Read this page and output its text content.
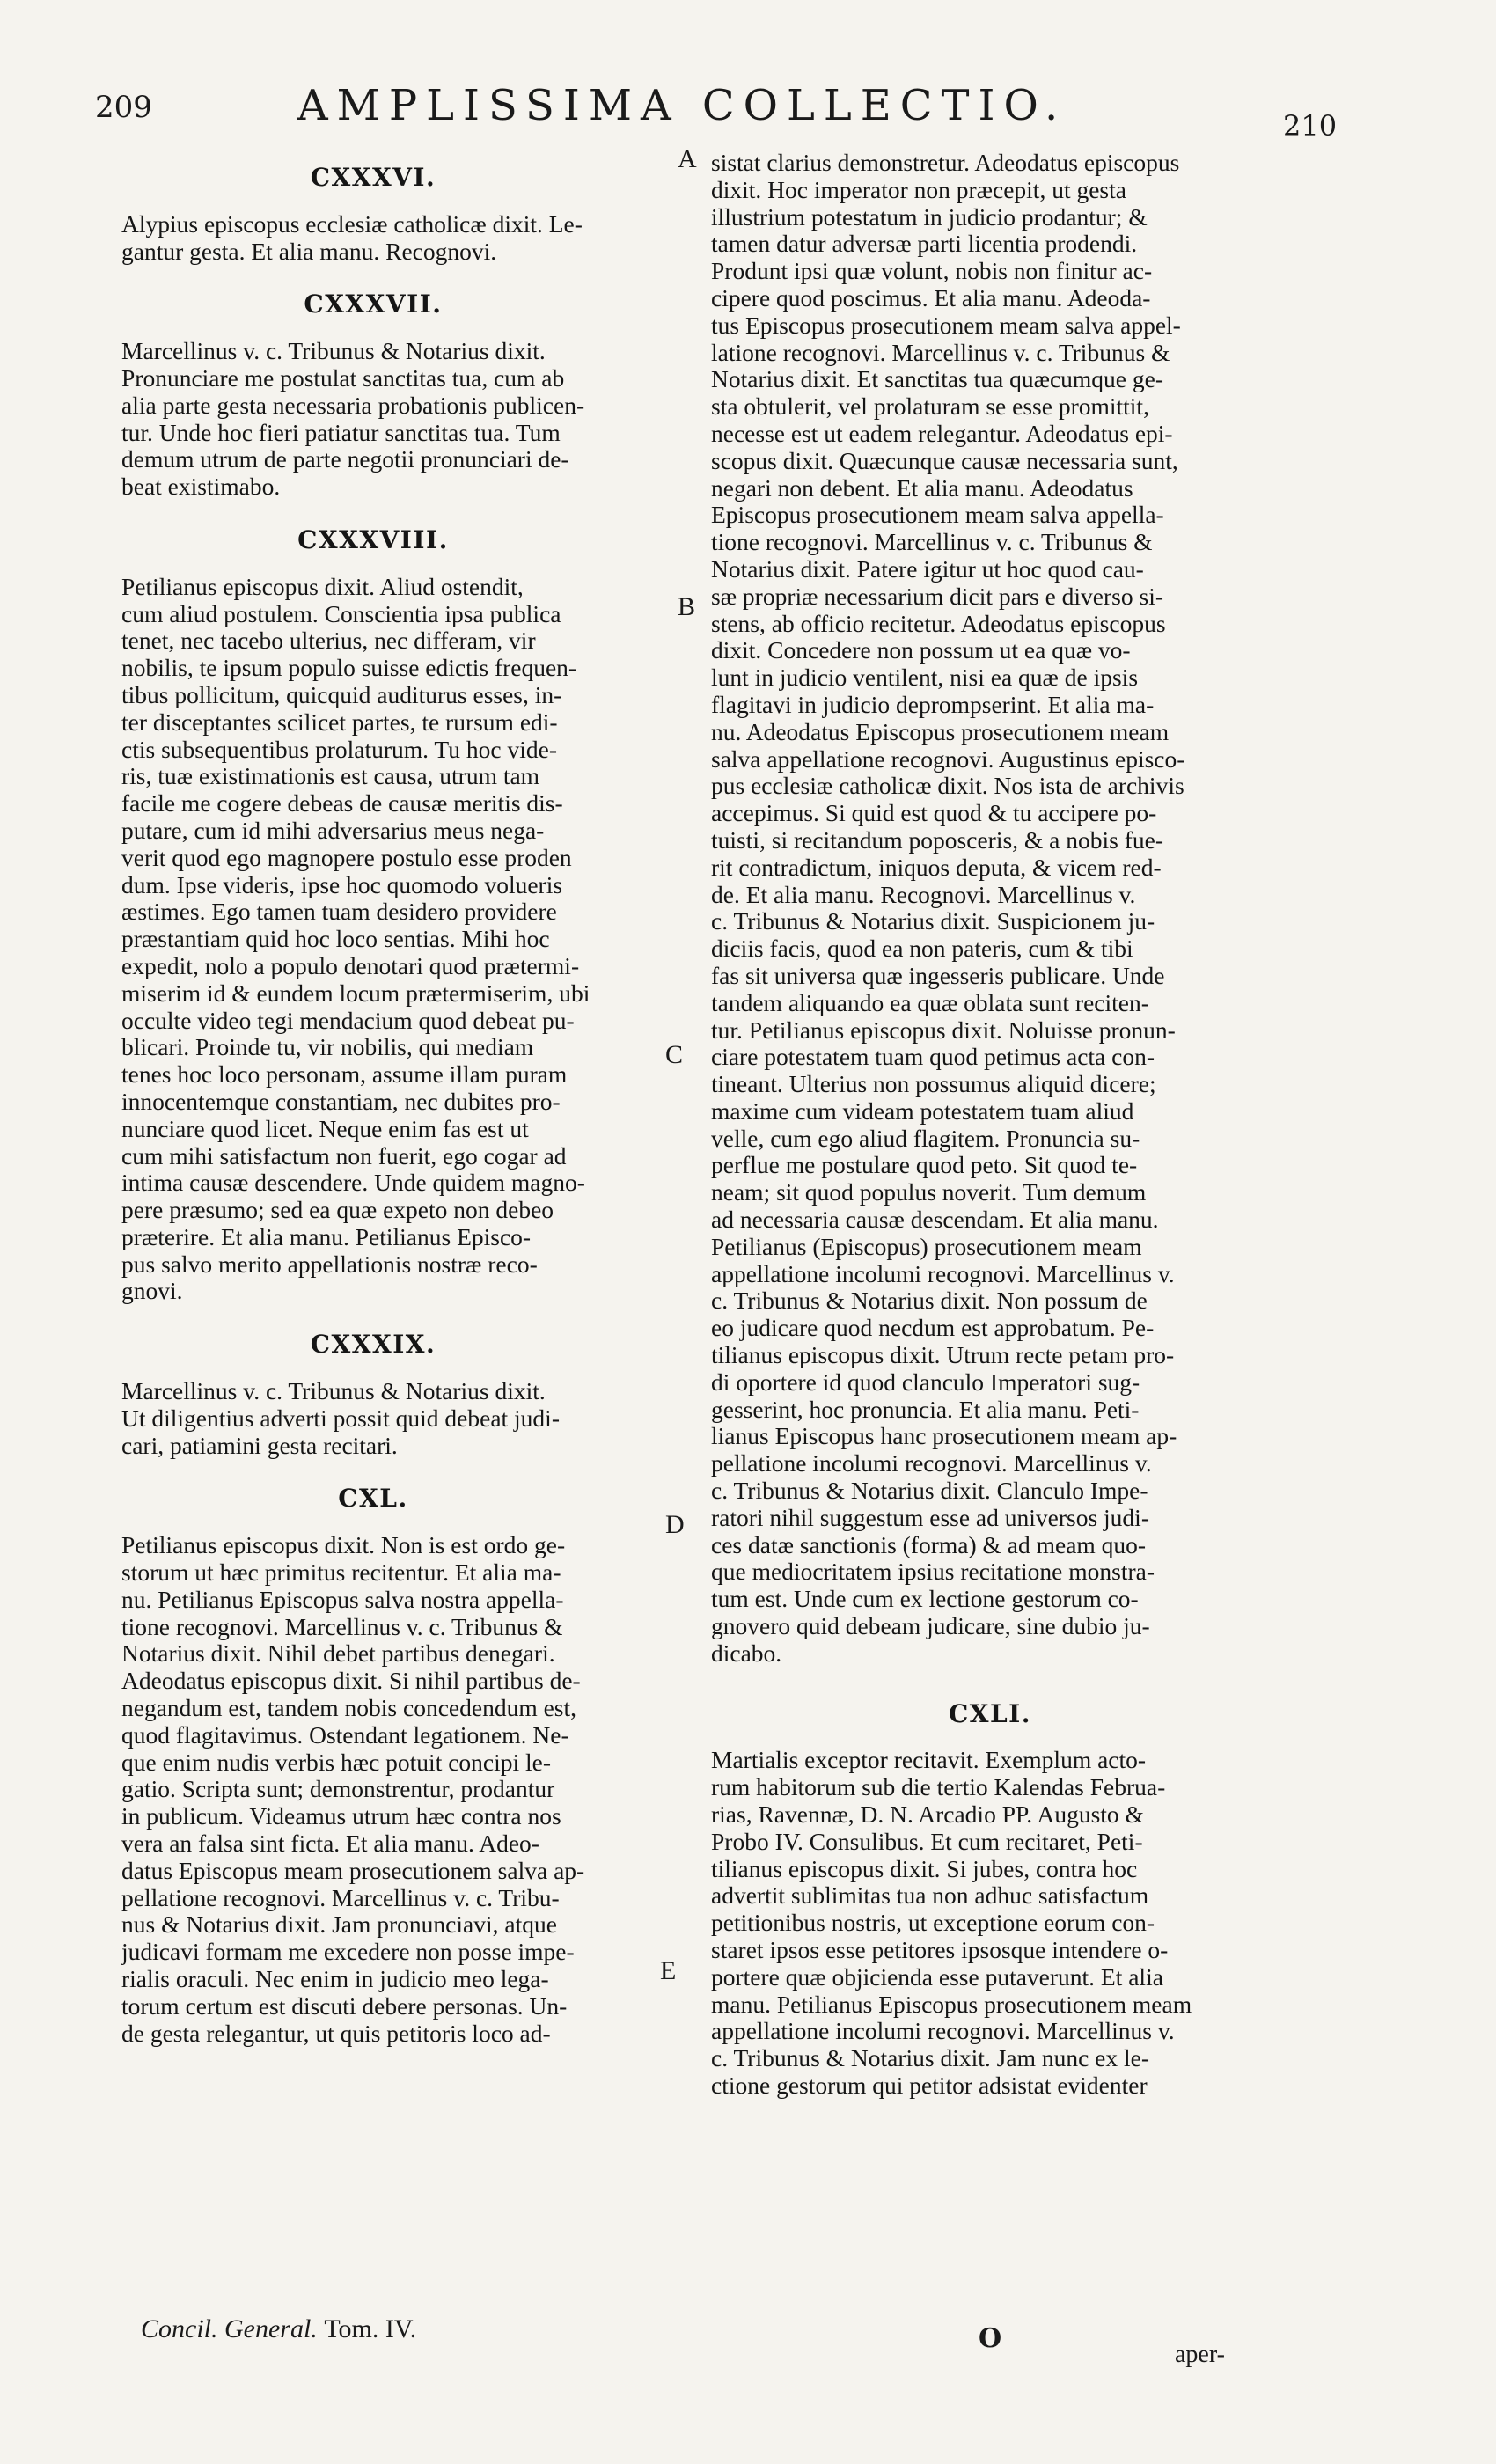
209	AMPLISSIMA COLLECTIO.	210
CXXXVI.
Alypius episcopus ecclesiæ catholicæ dixit. Le-
gantur gesta. Et alia manu. Recognovi.
CXXXVII.
Marcellinus v. c. Tribunus & Notarius dixit.
Pronunciare me postulat sanctitas tua, cum ab
alia parte gesta necessaria probationis publicen-
tur. Unde hoc fieri patiatur sanctitas tua. Tum
demum utrum de parte negotii pronunciari de-
beat existimabo.
CXXXVIII.
Petilianus episcopus dixit. Aliud ostendit,
cum aliud postulem. Conscientia ipsa publica
tenet, nec tacebo ulterius, nec differam, vir
nobilis, te ipsum populo suisse edictis frequen-
tibus pollicitum, quicquid auditurus esses, in-
ter disceptantes scilicet partes, te rursum edi-
ctis subsequentibus prolaturum. Tu hoc vide-
ris, tuæ existimationis est causa, utrum tam
facile me cogere debeas de causæ meritis dis-
putare, cum id mihi adversarius meus nega-
verit quod ego magnopere postulo esse proden
dum. Ipse videris, ipse hoc quomodo volueris
æstimes. Ego tamen tuam desidero providere
præstantiam quid hoc loco sentias. Mihi hoc
expedit, nolo a populo denotari quod prætermi-
miserim id & eundem locum prætermiserim, ubi
occulte video tegi mendacium quod debeat pu-
blicari. Proinde tu, vir nobilis, qui mediam
tenes hoc loco personam, assume illam puram
innocentemque constantiam, nec dubites pro-
nunciare quod licet. Neque enim fas est ut
cum mihi satisfactum non fuerit, ego cogar ad
intima causæ descendere. Unde quidem magno-
pere præsumo; sed ea quæ expeto non debeo
præterire. Et alia manu. Petilianus Episco-
pus salvo merito appellationis nostræ reco-
gnovi.
CXXXIX.
Marcellinus v. c. Tribunus & Notarius dixit.
Ut diligentius adverti possit quid debeat judi-
cari, patiamini gesta recitari.
CXL.
Petilianus episcopus dixit. Non is est ordo ge-
storum ut hæc primitus recitentur. Et alia ma-
nu. Petilianus Episcopus salva nostra appella-
tione recognovi. Marcellinus v. c. Tribunus &
Notarius dixit. Nihil debet partibus denegari.
Adeodatus episcopus dixit. Si nihil partibus de-
negandum est, tandem nobis concedendum est,
quod flagitavimus. Ostendant legationem. Ne-
que enim nudis verbis hæc potuit concipi le-
gatio. Scripta sunt; demonstrentur, prodantur
in publicum. Videamus utrum hæc contra nos
vera an falsa sint ficta. Et alia manu. Adeo-
datus Episcopus meam prosecutionem salva ap-
pellatione recognovi. Marcellinus v. c. Tribu-
nus & Notarius dixit. Jam pronunciavi, atque
judicavi formam me excedere non posse impe-
rialis oraculi. Nec enim in judicio meo lega-
torum certum est discuti debere personas. Un-
de gesta relegantur, ut quis petitoris loco ad-
sistat clarius demonstretur. Adeodatus episcopus
dixit. Hoc imperator non præcepit, ut gesta
illustrium potestatum in judicio prodantur; &
tamen datur adversæ parti licentia prodendi.
Produnt ipsi quæ volunt, nobis non finitur ac-
cipere quod poscimus. Et alia manu. Adeoda-
tus Episcopus prosecutionem meam salva appel-
latione recognovi. Marcellinus v. c. Tribunus &
Notarius dixit. Et sanctitas tua quæcumque ge-
sta obtulerit, vel prolaturam se esse promittit,
necesse est ut eadem relegantur. Adeodatus epi-
scopus dixit. Quæcunque causæ necessaria sunt,
negari non debent. Et alia manu. Adeodatus
Episcopus prosecutionem meam salva appella-
tione recognovi. Marcellinus v. c. Tribunus &
Notarius dixit. Patere igitur ut hoc quod cau-
sæ propriæ necessarium dicit pars e diverso si-
stens, ab officio recitetur. Adeodatus episcopus
dixit. Concedere non possum ut ea quæ vo-
lunt in judicio ventilent, nisi ea quæ de ipsis
flagitavi in judicio deprompserint. Et alia ma-
nu. Adeodatus Episcopus prosecutionem meam
salva appellatione recognovi. Augustinus episco-
pus ecclesiæ catholicæ dixit. Nos ista de archivis
accepimus. Si quid est quod & tu accipere po-
tuisti, si recitandum poposceris, & a nobis fue-
rit contradictum, iniquos deputa, & vicem red-
de. Et alia manu. Recognovi. Marcellinus v.
c. Tribunus & Notarius dixit. Suspicionem ju-
diciis facis, quod ea non pateris, cum & tibi
fas sit universa quæ ingesseris publicare. Unde
tandem aliquando ea quæ oblata sunt reciten-
tur. Petilianus episcopus dixit. Noluisse pronun-
ciare potestatem tuam quod petimus acta con-
tineant. Ulterius non possumus aliquid dicere;
maxime cum videam potestatem tuam aliud
velle, cum ego aliud flagitem. Pronuncia su-
perflue me postulare quod peto. Sit quod te-
neam; sit quod populus noverit. Tum demum
ad necessaria causæ descendam. Et alia manu.
Petilianus (Episcopus) prosecutionem meam
appellatione incolumi recognovi. Marcellinus v.
c. Tribunus & Notarius dixit. Non possum de
eo judicare quod necdum est approbatum. Pe-
tilianus episcopus dixit. Utrum recte petam pro-
di oportere id quod clanculo Imperatori sug-
gesserint, hoc pronuncia. Et alia manu. Peti-
lianus Episcopus hanc prosecutionem meam ap-
pellatione incolumi recognovi. Marcellinus v.
c. Tribunus & Notarius dixit. Clanculo Impe-
ratori nihil suggestum esse ad universos judi-
ces datæ sanctionis (forma) & ad meam quo-
que mediocritatem ipsius recitatione monstra-
tum est. Unde cum ex lectione gestorum co-
gnovero quid debeam judicare, sine dubio ju-
dicabo.
CXLI.
Martialis exceptor recitavit. Exemplum acto-
rum habitorum sub die tertio Kalendas Februa-
rias, Ravennæ, D. N. Arcadio PP. Augusto &
Probo IV. Consulibus. Et cum recitaret, Peti-
tilianus episcopus dixit. Si jubes, contra hoc
advertit sublimitas tua non adhuc satisfactum
petitionibus nostris, ut exceptione eorum con-
staret ipsos esse petitores ipsosque intendere o-
portere quæ objicienda esse putaverunt. Et alia
manu. Petilianus Episcopus prosecutionem meam
appellatione incolumi recognovi. Marcellinus v.
c. Tribunus & Notarius dixit. Jam nunc ex le-
ctione gestorum qui petitor adsistat evidenter
A
B
C
D
E
Concil. General. Tom. IV.	O
aper-
